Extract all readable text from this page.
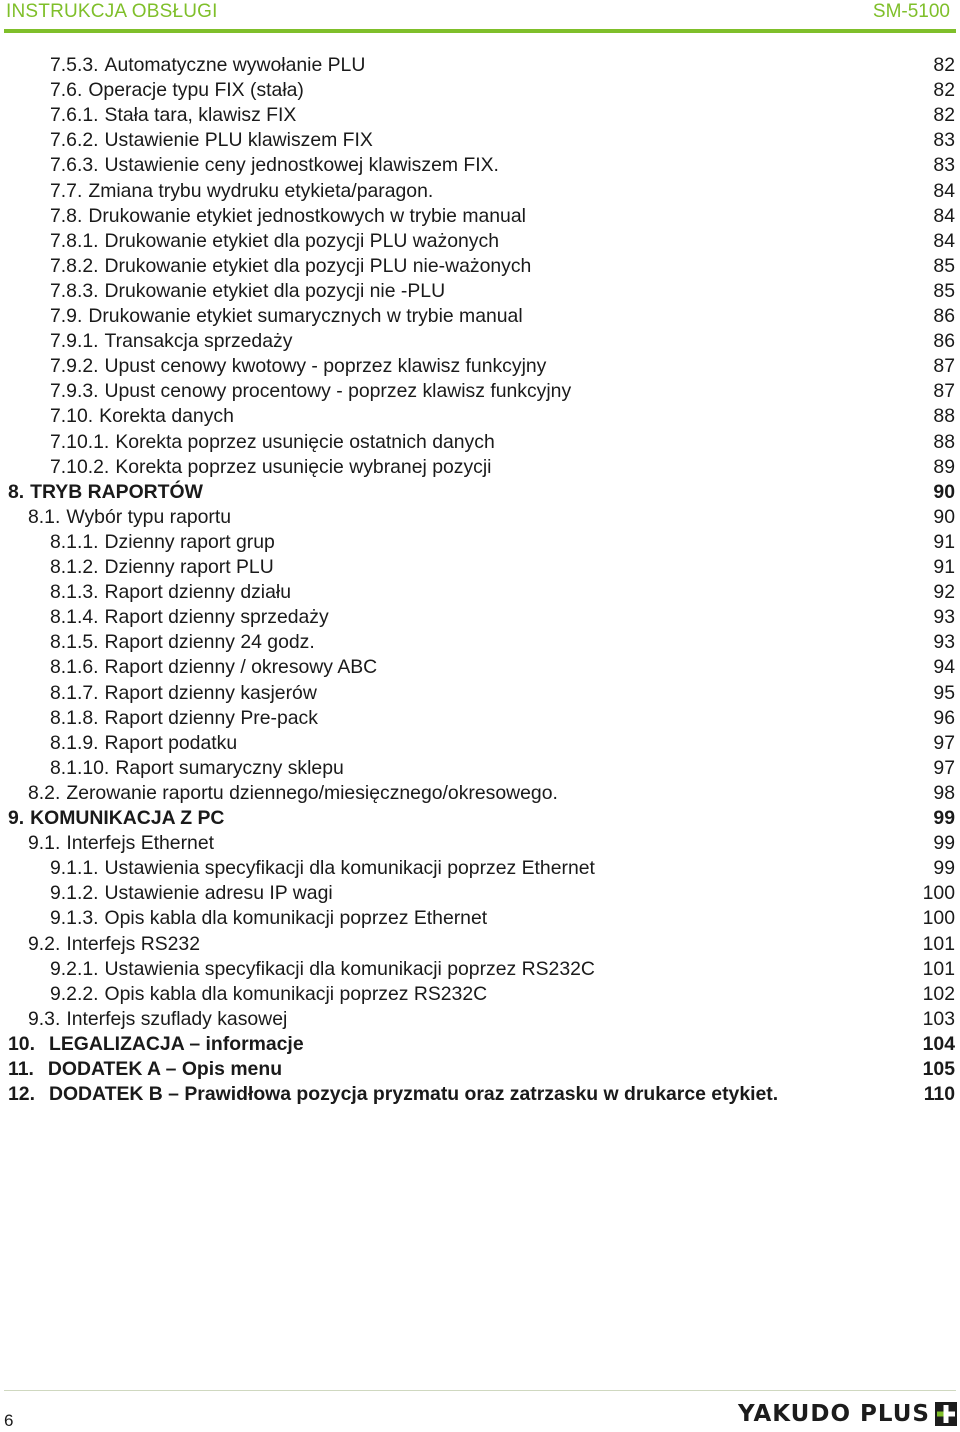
INSTRUKCJA OBSŁUGI	SM-5100
7.5.3. Automatyczne wywołanie PLU	82
7.6. Operacje typu FIX (stała)	82
7.6.1. Stała tara, klawisz FIX	82
7.6.2. Ustawienie PLU klawiszem FIX	83
7.6.3. Ustawienie ceny jednostkowej klawiszem FIX.	83
7.7. Zmiana trybu wydruku etykieta/paragon.	84
7.8. Drukowanie etykiet jednostkowych w trybie manual	84
7.8.1. Drukowanie etykiet dla pozycji PLU ważonych	84
7.8.2. Drukowanie etykiet dla pozycji PLU nie-ważonych	85
7.8.3. Drukowanie etykiet dla pozycji nie -PLU	85
7.9. Drukowanie etykiet sumarycznych w trybie manual	86
7.9.1. Transakcja sprzedaży	86
7.9.2. Upust cenowy kwotowy - poprzez klawisz funkcyjny	87
7.9.3. Upust cenowy procentowy - poprzez klawisz funkcyjny	87
7.10. Korekta danych	88
7.10.1. Korekta poprzez usunięcie ostatnich danych	88
7.10.2. Korekta poprzez usunięcie wybranej pozycji	89
8. TRYB RAPORTÓW	90
8.1. Wybór typu raportu	90
8.1.1. Dzienny raport grup	91
8.1.2. Dzienny raport PLU	91
8.1.3. Raport dzienny działu	92
8.1.4. Raport dzienny sprzedaży	93
8.1.5. Raport dzienny 24 godz.	93
8.1.6. Raport dzienny / okresowy ABC	94
8.1.7. Raport dzienny kasjerów	95
8.1.8. Raport dzienny Pre-pack	96
8.1.9. Raport podatku	97
8.1.10. Raport sumaryczny sklepu	97
8.2. Zerowanie raportu dziennego/miesięcznego/okresowego.	98
9. KOMUNIKACJA Z PC	99
9.1. Interfejs Ethernet	99
9.1.1. Ustawienia specyfikacji dla komunikacji poprzez Ethernet	99
9.1.2. Ustawienie adresu IP wagi	100
9.1.3. Opis kabla dla komunikacji poprzez Ethernet	100
9.2. Interfejs RS232	101
9.2.1. Ustawienia specyfikacji dla komunikacji poprzez RS232C	101
9.2.2. Opis kabla dla komunikacji poprzez RS232C	102
9.3. Interfejs szuflady kasowej	103
10. LEGALIZACJA – informacje	104
11. DODATEK A – Opis menu	105
12. DODATEK B – Prawidłowa pozycja pryzmatu oraz zatrzasku w drukarce etykiet.	110
6	YAKUDO PLUS
